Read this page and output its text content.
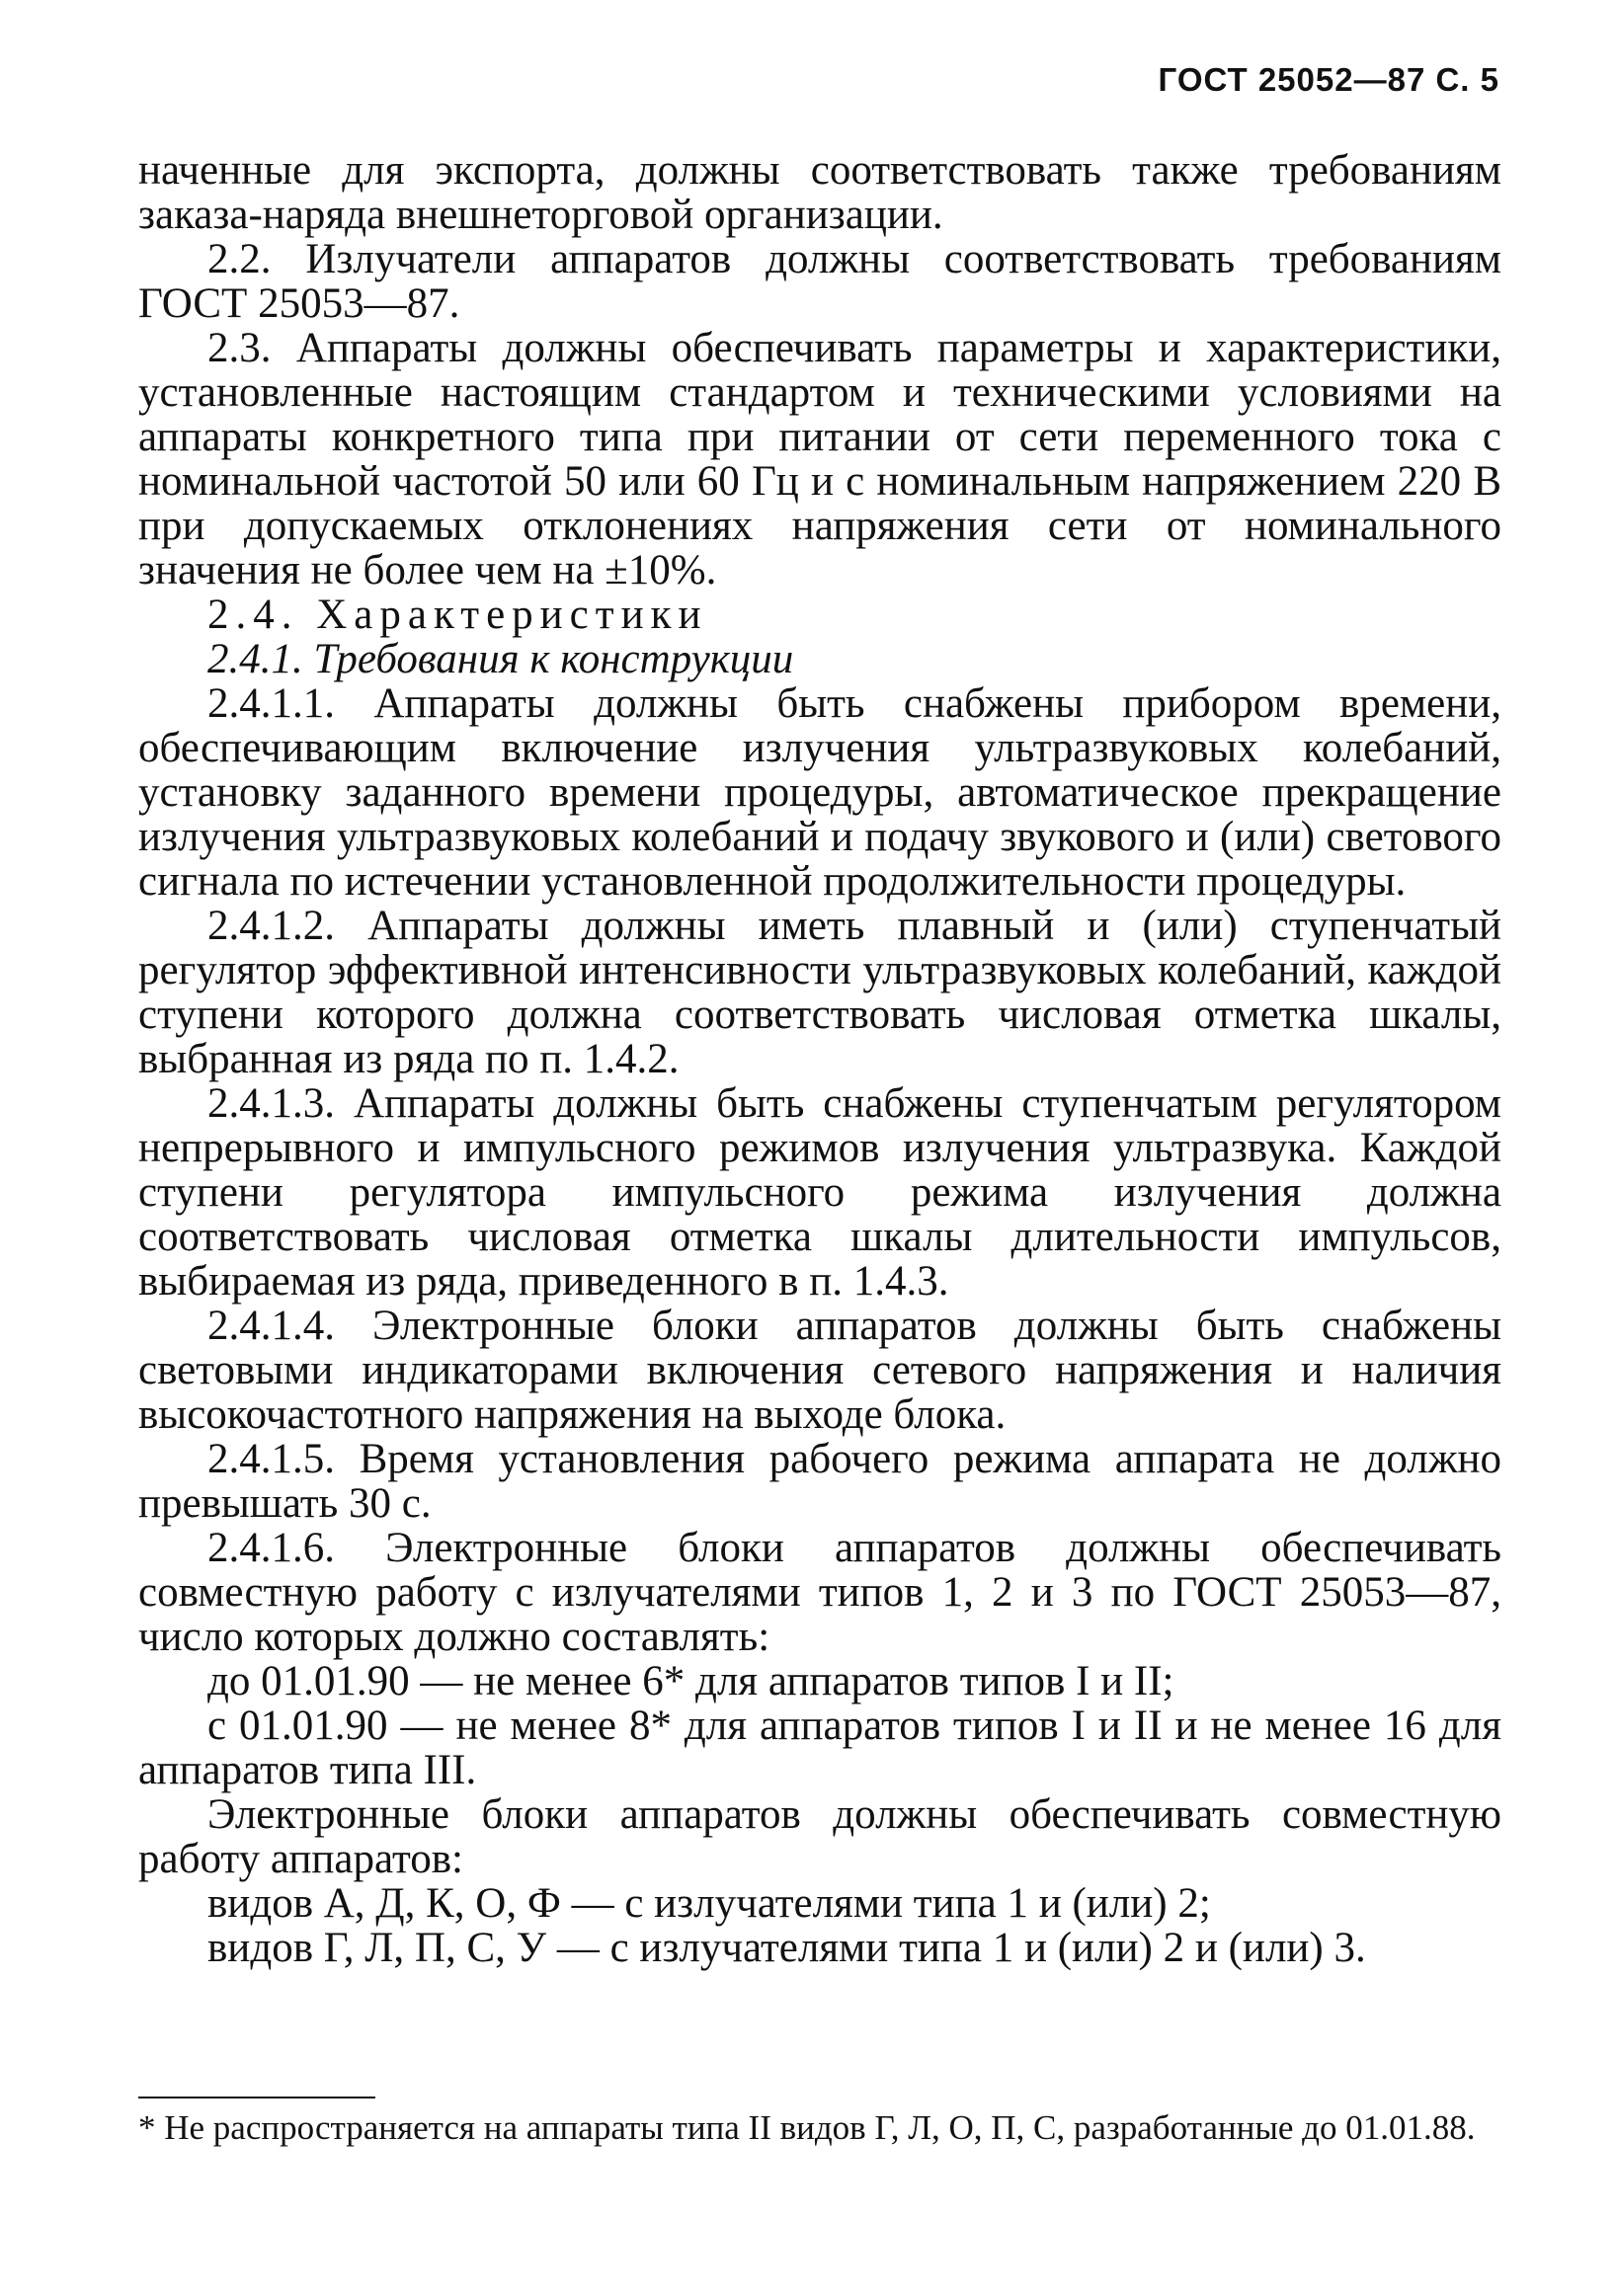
ГОСТ 25052—87 С. 5

наченные для экспорта, должны соответствовать также требованиям заказа-наряда внешнеторговой организации.

2.2. Излучатели аппаратов должны соответствовать требованиям ГОСТ 25053—87.

2.3. Аппараты должны обеспечивать параметры и характеристики, установленные настоящим стандартом и техническими условиями на аппараты конкретного типа при питании от сети переменного тока с номинальной частотой 50 или 60 Гц и с номинальным напряжением 220 В при допускаемых отклонениях напряжения сети от номинального значения не более чем на ±10%.

2.4. Характеристики

2.4.1. Требования к конструкции

2.4.1.1. Аппараты должны быть снабжены прибором времени, обеспечивающим включение излучения ультразвуковых колебаний, установку заданного времени процедуры, автоматическое прекращение излучения ультразвуковых колебаний и подачу звукового и (или) светового сигнала по истечении установленной продолжительности процедуры.

2.4.1.2. Аппараты должны иметь плавный и (или) ступенчатый регулятор эффективной интенсивности ультразвуковых колебаний, каждой ступени которого должна соответствовать числовая отметка шкалы, выбранная из ряда по п. 1.4.2.

2.4.1.3. Аппараты должны быть снабжены ступенчатым регулятором непрерывного и импульсного режимов излучения ультразвука. Каждой ступени регулятора импульсного режима излучения должна соответствовать числовая отметка шкалы длительности импульсов, выбираемая из ряда, приведенного в п. 1.4.3.

2.4.1.4. Электронные блоки аппаратов должны быть снабжены световыми индикаторами включения сетевого напряжения и наличия высокочастотного напряжения на выходе блока.

2.4.1.5. Время установления рабочего режима аппарата не должно превышать 30 с.

2.4.1.6. Электронные блоки аппаратов должны обеспечивать совместную работу с излучателями типов 1, 2 и 3 по ГОСТ 25053—87, число которых должно составлять:

до 01.01.90 — не менее 6* для аппаратов типов I и II;

с 01.01.90 — не менее 8* для аппаратов типов I и II и не менее 16 для аппаратов типа III.

Электронные блоки аппаратов должны обеспечивать совместную работу аппаратов:

видов А, Д, К, О, Ф — с излучателями типа 1 и (или) 2;

видов Г, Л, П, С, У — с излучателями типа 1 и (или) 2 и (или) 3.

* Не распространяется на аппараты типа II видов Г, Л, О, П, С, разработанные до 01.01.88.
